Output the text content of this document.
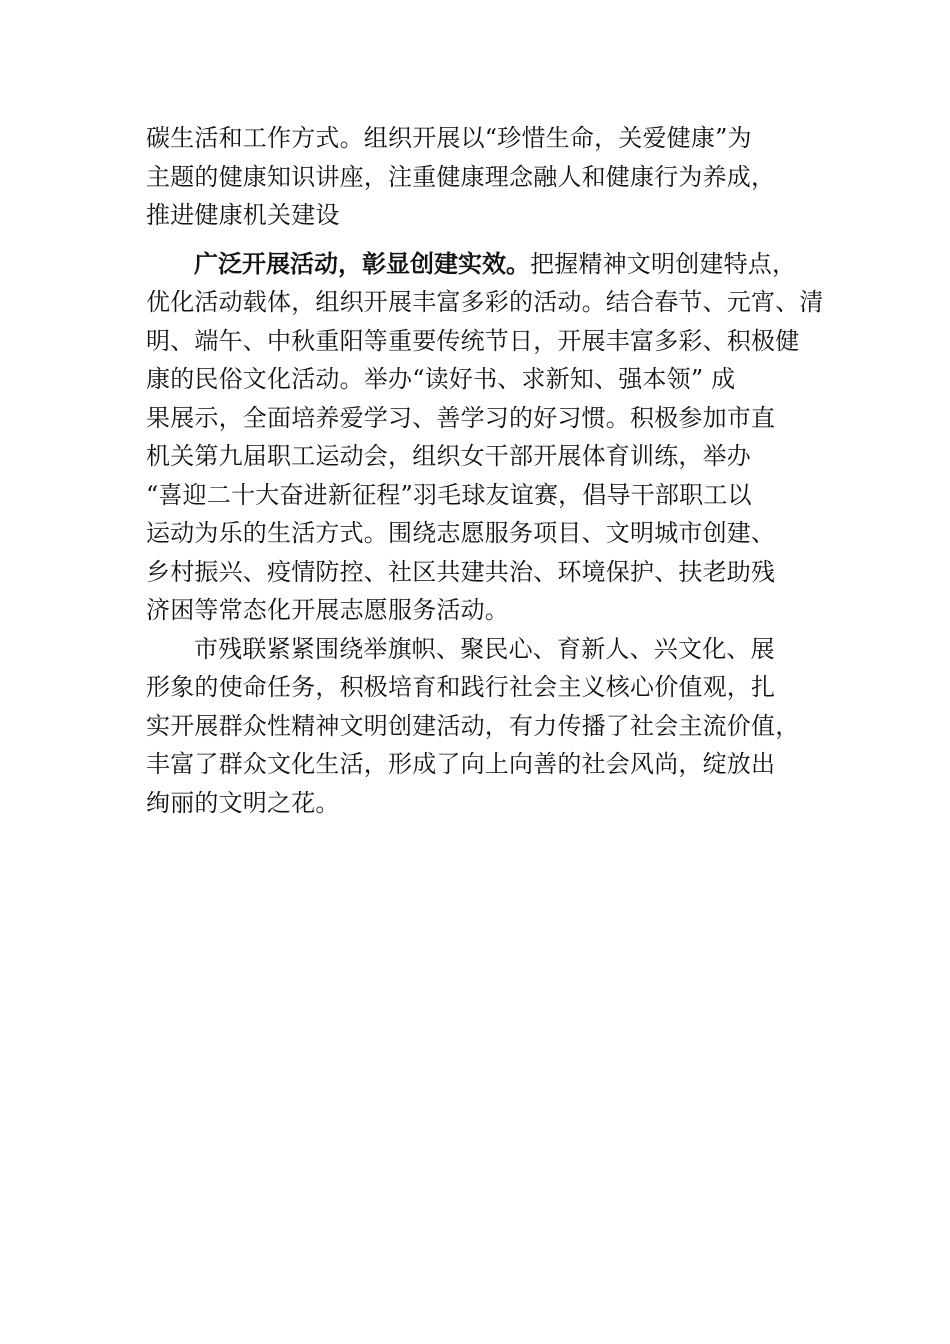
碳生活和工作方式。组织开展以“珍惜生命，关爱健康”为
主题的健康知识讲座，注重健康理念融人和健康行为养成，
推进健康机关建设
广泛开展活动，彰显创建实效。把握精神文明创建特点，
优化活动载体，组织开展丰富多彩的活动。结合春节、元宵、清
明、端午、中秋重阳等重要传统节日，开展丰富多彩、积极健
康的民俗文化活动。举办“读好书、求新知、强本领” 成
果展示，全面培养爱学习、善学习的好习惯。积极参加市直
机关第九届职工运动会，组织女干部开展体育训练，举办
“喜迎二十大奋进新征程”羽毛球友谊赛，倡导干部职工以
运动为乐的生活方式。围绕志愿服务项目、文明城市创建、
乡村振兴、疫情防控、社区共建共治、环境保护、扶老助残
济困等常态化开展志愿服务活动。
市残联紧紧围绕举旗帜、聚民心、育新人、兴文化、展
形象的使命任务，积极培育和践行社会主义核心价值观，扎
实开展群众性精神文明创建活动，有力传播了社会主流价值，
丰富了群众文化生活，形成了向上向善的社会风尚，绽放出
绚丽的文明之花。
